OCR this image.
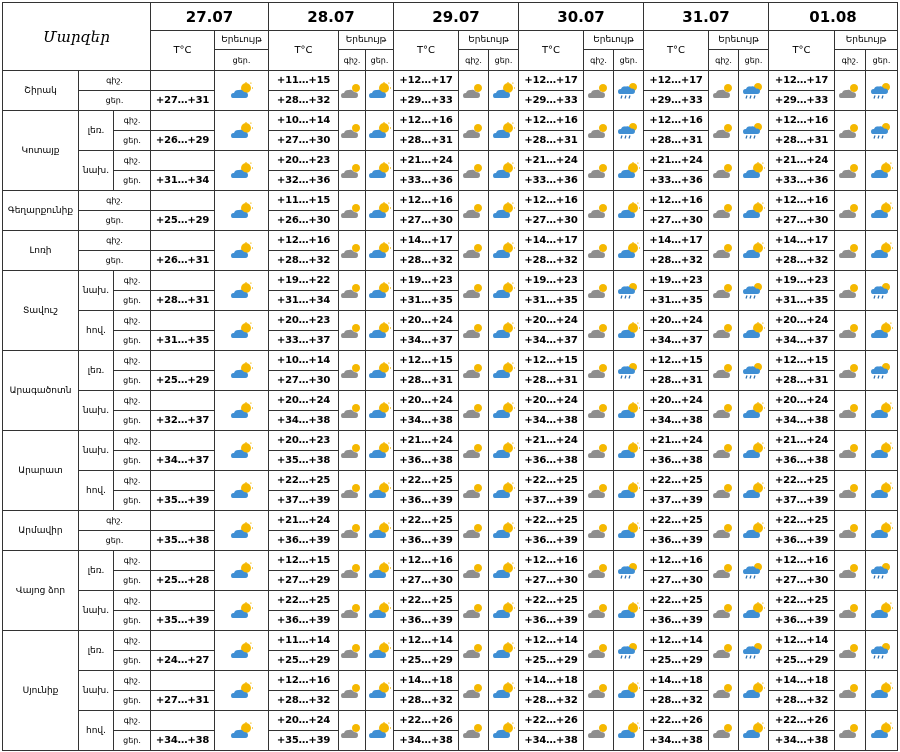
Մարզեր			27.07		28.07			29.07			30.07			31.07			01.08		
			T°C	Երեւույթ	T°C	Երեւույթ		T°C	Երեւույթ		T°C	Երեւույթ		T°C	Երեւույթ		T°C	Երեւույթ	
				ցեր.		գիշ.	ցեր.		գիշ.	ցեր.		գիշ.	ցեր.		գիշ.	ցեր.		գիշ.	ցեր.
Շիրակ	գիշ.				+11…+15			+12…+17			+12…+17			+12…+17			+12…+17	

	ցեր.		+27…+31		+28…+32			+29…+33			+29…+33			+29…+33			+29…+33		
Կոտայք	լեռ.	գիշ.			+10…+14			+12…+16			+12…+16			+12…+16			+12…+16	

		ցեր.	+26…+29		+27…+30			+28…+31			+28…+31			+28…+31			+28…+31		
	նախ.	գիշ.			+20…+23			+21…+24			+21…+24			+21…+24			+21…+24	

		ցեր.	+31…+34		+32…+36			+33…+36			+33…+36			+33…+36			+33…+36		
Գեղարքունիք	գիշ.				+11…+15			+12…+16			+12…+16			+12…+16			+12…+16	

	ցեր.		+25…+29		+26…+30			+27…+30			+27…+30			+27…+30			+27…+30		
Լոռի	գիշ.				+12…+16			+14…+17			+14…+17			+14…+17			+14…+17	

	ցեր.		+26…+31		+28…+32			+28…+32			+28…+32			+28…+32			+28…+32		
Տավուշ	նախ.	գիշ.			+19…+22			+19…+23			+19…+23			+19…+23			+19…+23	

		ցեր.	+28…+31		+31…+34			+31…+35			+31…+35			+31…+35			+31…+35		
	հով.	գիշ.			+20…+23			+20…+24			+20…+24			+20…+24			+20…+24	

		ցեր.	+31…+35		+33…+37			+34…+37			+34…+37			+34…+37			+34…+37		
Արագածոտն	լեռ.	գիշ.			+10…+14			+12…+15			+12…+15			+12…+15			+12…+15	

		ցեր.	+25…+29		+27…+30			+28…+31			+28…+31			+28…+31			+28…+31		
	նախ.	գիշ.			+20…+24			+20…+24			+20…+24			+20…+24			+20…+24	

		ցեր.	+32…+37		+34…+38			+34…+38			+34…+38			+34…+38			+34…+38		
Արարատ	նախ.	գիշ.			+20…+23			+21…+24			+21…+24			+21…+24			+21…+24	

		ցեր.	+34…+37		+35…+38			+36…+38			+36…+38			+36…+38			+36…+38		
	հով.	գիշ.			+22…+25			+22…+25			+22…+25			+22…+25			+22…+25	

		ցեր.	+35…+39		+37…+39			+36…+39			+37…+39			+37…+39			+37…+39		
Արմավիր	գիշ.				+21…+24			+22…+25			+22…+25			+22…+25			+22…+25	

	ցեր.		+35…+38		+36…+39			+36…+39			+36…+39			+36…+39			+36…+39		
Վայոց ձոր	լեռ.	գիշ.			+12…+15			+12…+16			+12…+16			+12…+16			+12…+16	

		ցեր.	+25…+28		+27…+29			+27…+30			+27…+30			+27…+30			+27…+30		
	նախ.	գիշ.			+22…+25			+22…+25			+22…+25			+22…+25			+22…+25	

		ցեր.	+35…+39		+36…+39			+36…+39			+36…+39			+36…+39			+36…+39		
Սյունիք	լեռ.	գիշ.			+11…+14			+12…+14			+12…+14			+12…+14			+12…+14	

		ցեր.	+24…+27		+25…+29			+25…+29			+25…+29			+25…+29			+25…+29		
	նախ.	գիշ.			+12…+16			+14…+18			+14…+18			+14…+18			+14…+18	

		ցեր.	+27…+31		+28…+32			+28…+32			+28…+32			+28…+32			+28…+32		
	հով.	գիշ.			+20…+24			+22…+26			+22…+26			+22…+26			+22…+26	

		ցեր.	+34…+38		+35…+39			+34…+38			+34…+38			+34…+38			+34…+38		
